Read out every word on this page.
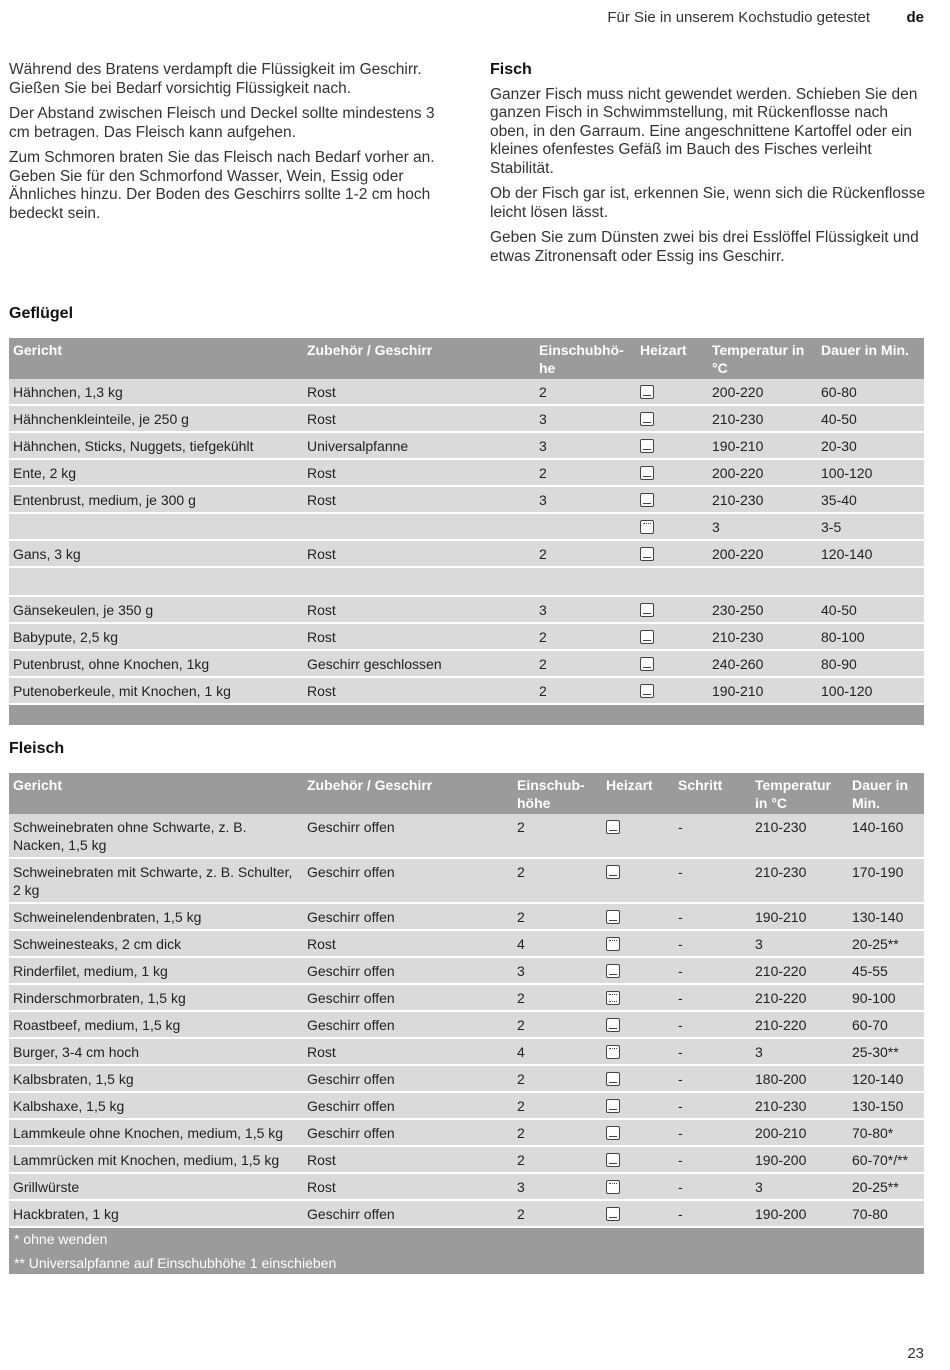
Für Sie in unserem Kochstudio getestet de

Während des Bratens verdampft die Flüssigkeit im Geschirr. Gießen Sie bei Bedarf vorsichtig Flüssigkeit nach.

Der Abstand zwischen Fleisch und Deckel sollte mindestens 3 cm betragen. Das Fleisch kann aufgehen.

Zum Schmoren braten Sie das Fleisch nach Bedarf vorher an. Geben Sie für den Schmorfond Wasser, Wein, Essig oder Ähnliches hinzu. Der Boden des Geschirrs sollte 1-2 cm hoch bedeckt sein.

Fisch

Ganzer Fisch muss nicht gewendet werden. Schieben Sie den ganzen Fisch in Schwimmstellung, mit Rückenflosse nach oben, in den Garraum. Eine angeschnittene Kartoffel oder ein kleines ofenfestes Gefäß im Bauch des Fisches verleiht Stabilität.

Ob der Fisch gar ist, erkennen Sie, wenn sich die Rückenflosse leicht lösen lässt.

Geben Sie zum Dünsten zwei bis drei Esslöffel Flüssigkeit und etwas Zitronensaft oder Essig ins Geschirr.

Geflügel
Gericht	Zubehör / Geschirr	Einschubhö-he	Heizart	Temperatur in °C	Dauer in Min.
Hähnchen, 1,3 kg	Rost	2		200-220	60-80
Hähnchenkleinteile, je 250 g	Rost	3		210-230	40-50
Hähnchen, Sticks, Nuggets, tiefgekühlt	Universalpfanne	3		190-210	20-30
Ente, 2 kg	Rost	2		200-220	100-120
Entenbrust, medium, je 300 g	Rost	3		210-230	35-40
				3	3-5
Gans, 3 kg	Rost	2		200-220	120-140

Gänsekeulen, je 350 g	Rost	3		230-250	40-50
Babypute, 2,5 kg	Rost	2		210-230	80-100
Putenbrust, ohne Knochen, 1kg	Geschirr geschlossen	2		240-260	80-90
Putenoberkeule, mit Knochen, 1 kg	Rost	2		190-210	100-120

Fleisch
Gericht	Zubehör / Geschirr	Einschub-höhe	Heizart	Schritt	Temperatur in °C	Dauer in Min.
Schweinebraten ohne Schwarte, z. B. Nacken, 1,5 kg	Geschirr offen	2		-	210-230	140-160
Schweinebraten mit Schwarte, z. B. Schulter, 2 kg	Geschirr offen	2		-	210-230	170-190
Schweinelendenbraten, 1,5 kg	Geschirr offen	2		-	190-210	130-140
Schweinesteaks, 2 cm dick	Rost	4		-	3	20-25**
Rinderfilet, medium, 1 kg	Geschirr offen	3		-	210-220	45-55
Rinderschmorbraten, 1,5 kg	Geschirr offen	2		-	210-220	90-100
Roastbeef, medium, 1,5 kg	Geschirr offen	2		-	210-220	60-70
Burger, 3-4 cm hoch	Rost	4		-	3	25-30**
Kalbsbraten, 1,5 kg	Geschirr offen	2		-	180-200	120-140
Kalbshaxe, 1,5 kg	Geschirr offen	2		-	210-230	130-150
Lammkeule ohne Knochen, medium, 1,5 kg	Geschirr offen	2		-	200-210	70-80*
Lammrücken mit Knochen, medium, 1,5 kg	Rost	2		-	190-200	60-70*/**
Grillwürste	Rost	3		-	3	20-25**
Hackbraten, 1 kg	Geschirr offen	2		-	190-200	70-80

* ohne wenden
** Universalpfanne auf Einschubhöhe 1 einschieben						
23
